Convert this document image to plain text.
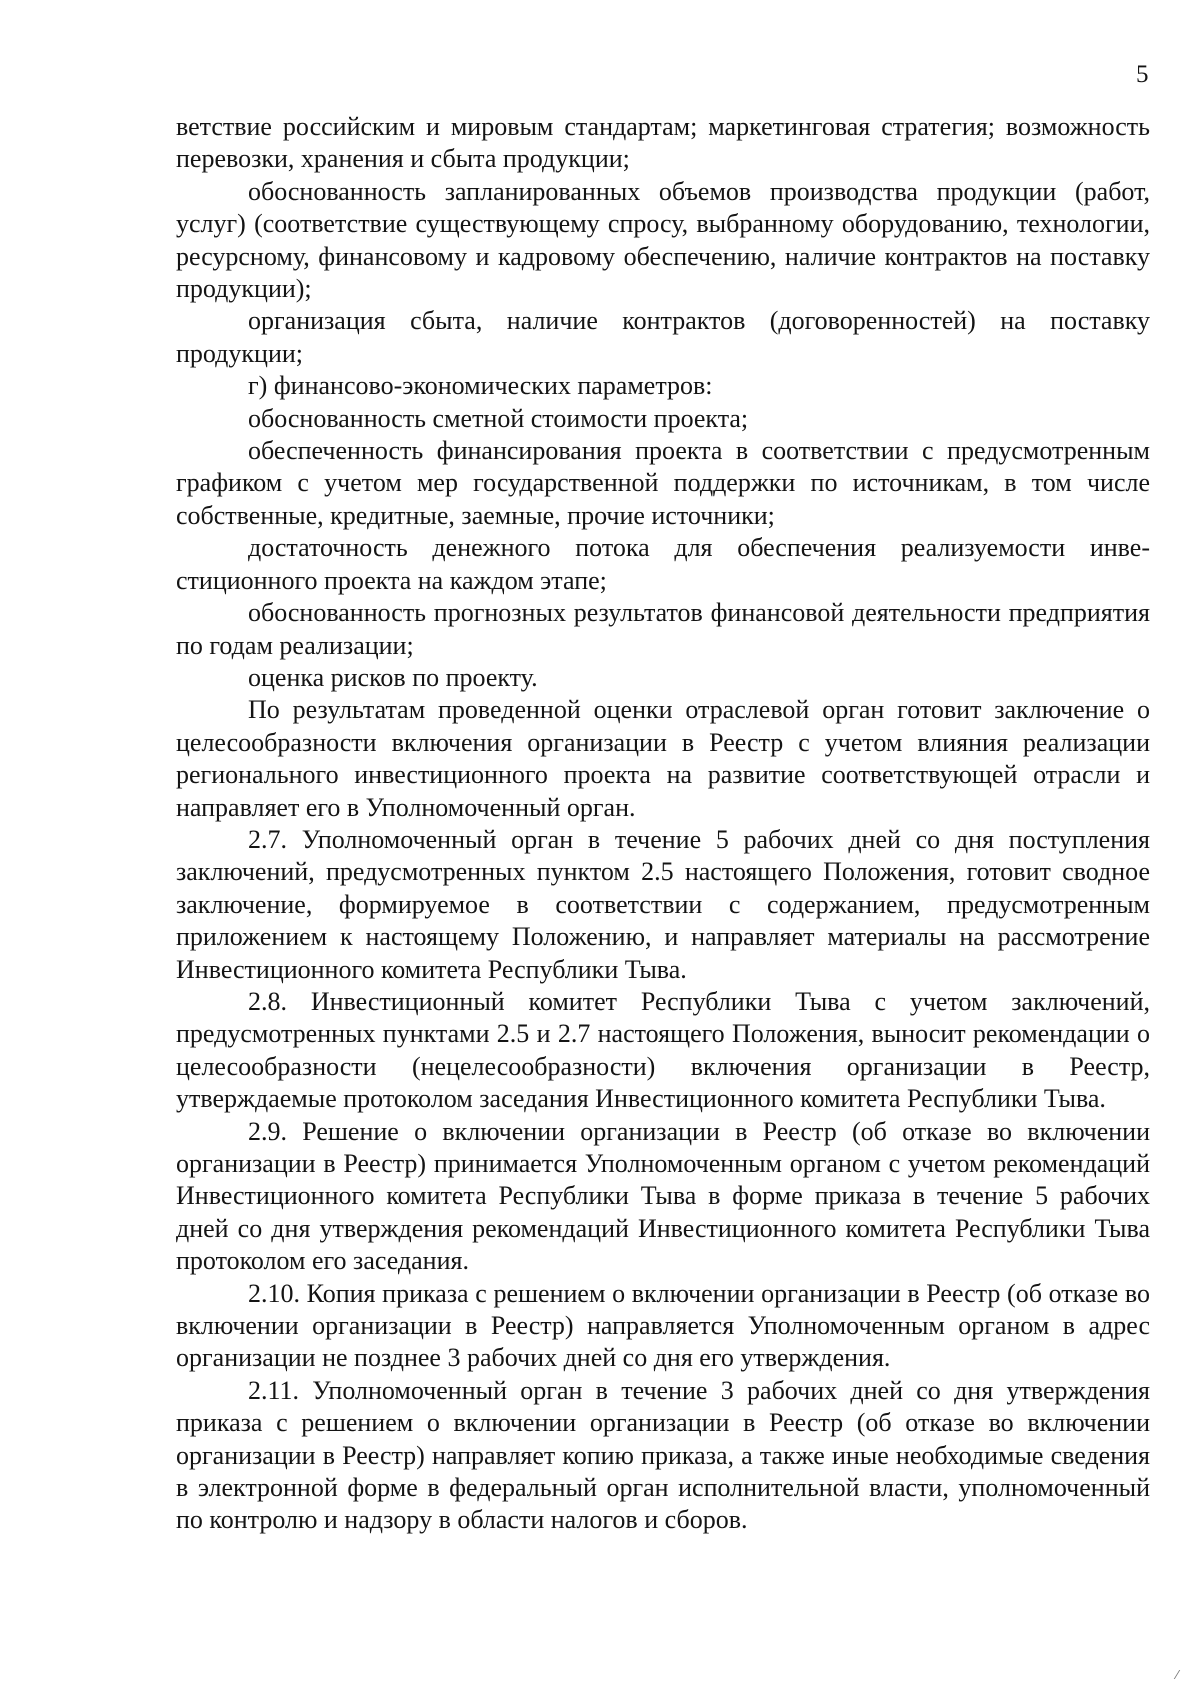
5

ветствие российским и мировым стандартам; маркетинговая стратегия; возможность перевозки, хранения и сбыта продукции;

обоснованность запланированных объемов производства продукции (работ, услуг) (соответствие существующему спросу, выбранному оборудованию, технологии, ресурсному, финансовому и кадровому обеспечению, наличие контрактов на поставку продукции);

организация сбыта, наличие контрактов (договоренностей) на поставку продукции;

г) финансово-экономических параметров:

обоснованность сметной стоимости проекта;

обеспеченность финансирования проекта в соответствии с предусмотренным графиком с учетом мер государственной поддержки по источникам, в том числе собственные, кредитные, заемные, прочие источники;

достаточность денежного потока для обеспечения реализуемости инвестиционного проекта на каждом этапе;

обоснованность прогнозных результатов финансовой деятельности предприятия по годам реализации;

оценка рисков по проекту.

По результатам проведенной оценки отраслевой орган готовит заключение о целесообразности включения организации в Реестр с учетом влияния реализации регионального инвестиционного проекта на развитие соответствующей отрасли и направляет его в Уполномоченный орган.

2.7. Уполномоченный орган в течение 5 рабочих дней со дня поступления заключений, предусмотренных пунктом 2.5 настоящего Положения, готовит сводное заключение, формируемое в соответствии с содержанием, предусмотренным приложением к настоящему Положению, и направляет материалы на рассмотрение Инвестиционного комитета Республики Тыва.

2.8. Инвестиционный комитет Республики Тыва с учетом заключений, предусмотренных пунктами 2.5 и 2.7 настоящего Положения, выносит рекомендации о целесообразности (нецелесообразности) включения организации в Реестр, утверждаемые протоколом заседания Инвестиционного комитета Республики Тыва.

2.9. Решение о включении организации в Реестр (об отказе во включении организации в Реестр) принимается Уполномоченным органом с учетом рекомендаций Инвестиционного комитета Республики Тыва в форме приказа в течение 5 рабочих дней со дня утверждения рекомендаций Инвестиционного комитета Республики Тыва протоколом его заседания.

2.10. Копия приказа с решением о включении организации в Реестр (об отказе во включении организации в Реестр) направляется Уполномоченным органом в адрес организации не позднее 3 рабочих дней со дня его утверждения.

2.11. Уполномоченный орган в течение 3 рабочих дней со дня утверждения приказа с решением о включении организации в Реестр (об отказе во включении организации в Реестр) направляет копию приказа, а также иные необходимые сведения в электронной форме в федеральный орган исполнительной власти, уполномоченный по контролю и надзору в области налогов и сборов.

⁄
